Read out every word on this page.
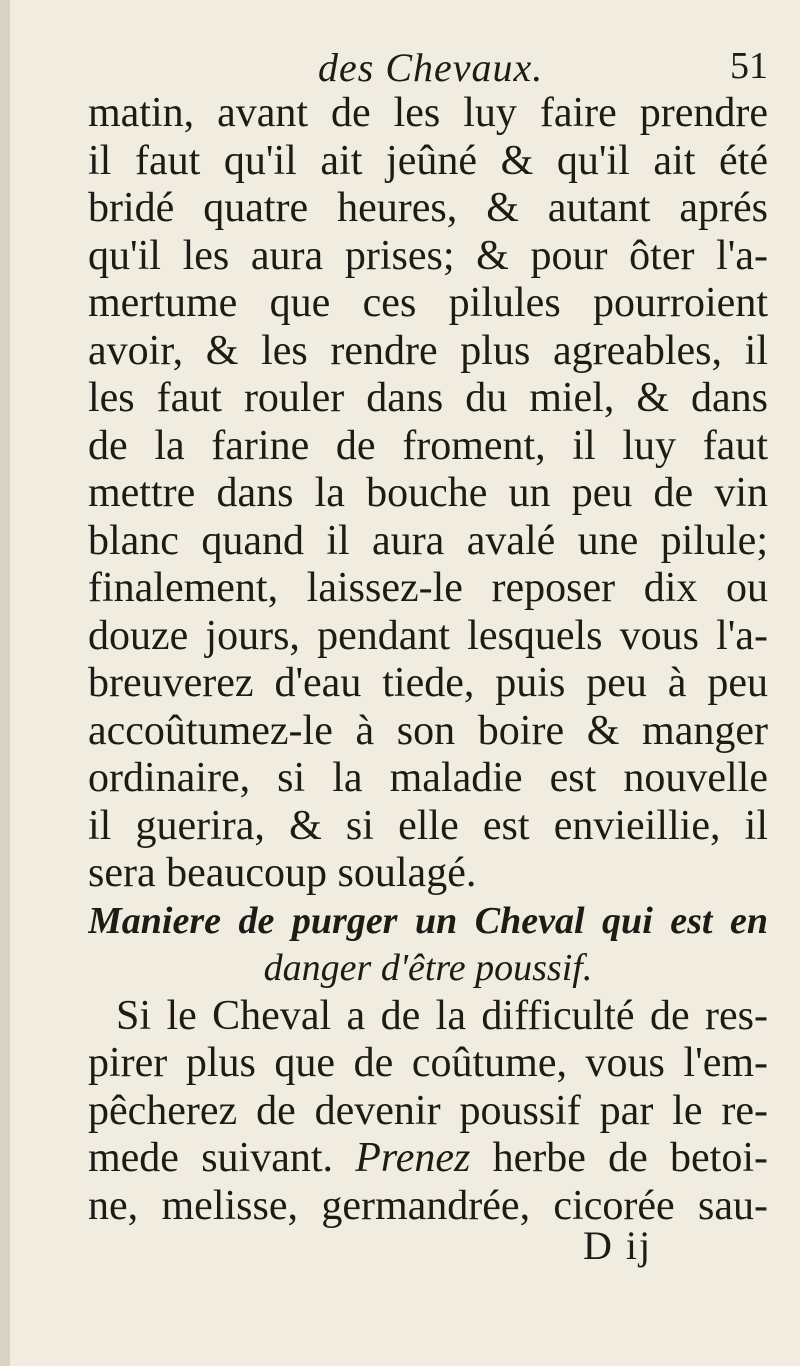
des Chevaux.	51
matin, avant de les luy faire prendre
il faut qu'il ait jeûné & qu'il ait été
bridé quatre heures, & autant aprés
qu'il les aura prises; & pour ôter l'a-
mertume que ces pilules pourroient
avoir, & les rendre plus agreables, il
les faut rouler dans du miel, & dans
de la farine de froment, il luy faut
mettre dans la bouche un peu de vin
blanc quand il aura avalé une pilule;
finalement, laissez-le reposer dix ou
douze jours, pendant lesquels vous l'a-
breuverez d'eau tiede, puis peu à peu
accoûtumez-le à son boire & manger
ordinaire, si la maladie est nouvelle
il guerira, & si elle est envieillie, il
sera beaucoup soulagé.
Maniere de purger un Cheval qui est en
danger d'être poussif.
Si le Cheval a de la difficulté de res-
pirer plus que de coûtume, vous l'em-
pêcherez de devenir poussif par le re-
mede suivant. Prenez herbe de betoi-
ne, melisse, germandrée, cicorée sau-
D ij
